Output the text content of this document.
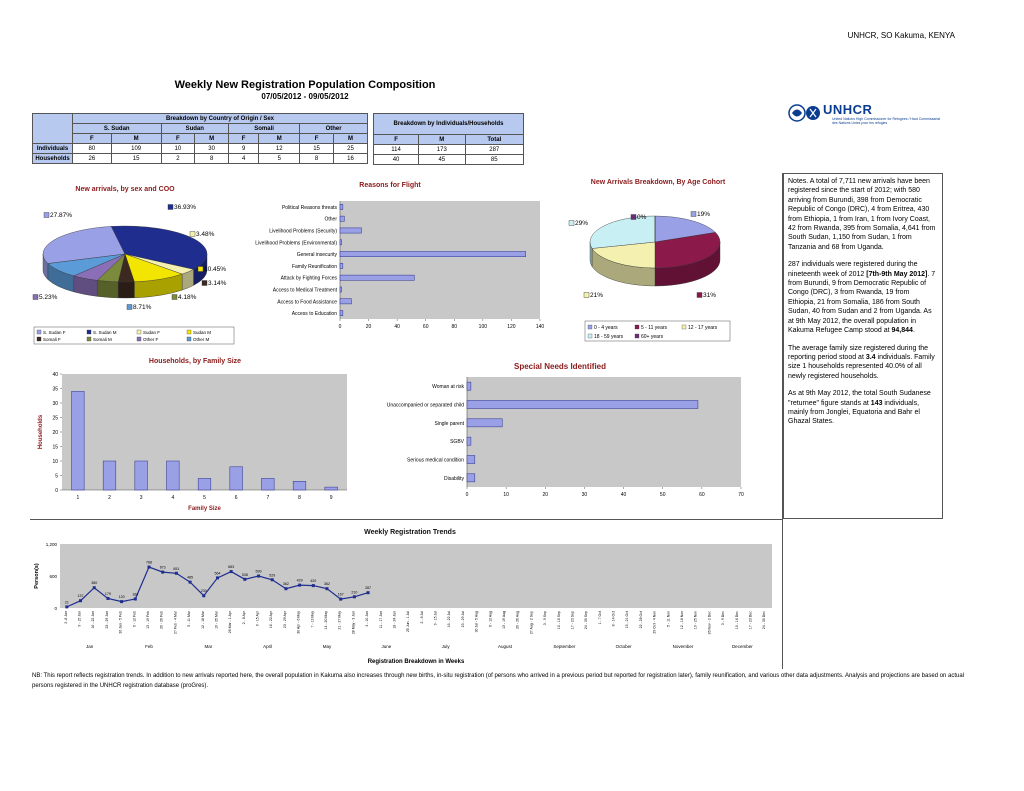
UNHCR, SO Kakuma, KENYA
Weekly New Registration Population Composition
07/05/2012 - 09/05/2012
	Breakdown by Country of Origin / Sex							
	S. Sudan		Sudan		Somali		Other	
	F	M	F	M	F	M	F	M
Individuals	80	109	10	30	9	12	15	25
Households	26	15	2	8	4	5	8	16
Breakdown by Individuals/Households		
F	M	Total
114	173	287
40	45	85
UNHCR
United Nations High Commissioner for Refugees / Haut Commissariat des Nations Unies pour les refugies

Notes. A total of 7,711 new arrivals have been registered since the start of 2012; with 580 arriving from Burundi, 398 from Democratic Republic of Congo (DRC), 4 from Eritrea, 430 from Ethiopia, 1 from Iran, 1 from Ivory Coast, 42 from Rwanda, 395 from Somalia, 4,641 from South Sudan, 1,150 from Sudan, 1 from Tanzania and 68 from Uganda.

287 individuals were registered during the nineteenth week of 2012 [7th-9th May 2012]. 7 from Burundi, 9 from Democratic Republic of Congo (DRC), 3 from Rwanda, 19 from Ethiopia, 21 from Somalia, 186 from South Sudan, 40 from Sudan and 2 from Uganda. As at 9th May 2012, the overall population in Kakuma Refugee Camp stood at 94,844.

The average family size registered during the reporting period stood at 3.4 individuals. Family size 1 households represented 40.0% of all newly registered households.

As at 9th May 2012, the total South Sudanese "returnee" figure stands at 143 individuals, mainly from Jonglei, Equatoria and Bahr el Ghazal States.

New arrivals, by sex and COO
27.87%
36.93%
3.48%
10.45%
3.14%
4.18%
5.23%
8.71%
S. Sudan F	S. Sudan M	Sudan F	Sudan M
Somali F	Somali M	Other F	Other M
Reasons for Flight
0	20	40	60	80	100	120	140
Political Reasons threats
Other
Livelihood Problems (Security)
Livelihood Problems (Environmental)
General insecurity
Family Reunification
Attack by Fighting Forces
Access to Medical Treatment
Access to Food Assistance
Access to Education
New Arrivals Breakdown, By Age Cohort
19%
31%
21%
29%
0%
0 - 4 years	5 - 11 years	12 - 17 years
18 - 59 years	60+ years
Households, by Family Size
0
5
10
15
20
25
30
35
40
1	2	3	4	5	6	7	8	9
Family Size
Households
Special Needs Identified
0	10	20	30	40	50	60	70
Woman at risk
Unaccompanied or separated child
Single parent
SGBV
Serious medical condition
Disability
Weekly Registration Trends
0
600
1,200
2 -8 Jan	9 - 15 Jan	16 - 22 Jan	23 - 29 Jan	30 Jan - 5 Feb	6 - 12 Feb	13 - 19 Feb	20 - 26 Feb	27 Feb - 4 Mar	5 - 11 Mar	12 - 18 Mar	19 - 25 Mar	26 Mar - 1 Apr	2 - 8 Apr	9 - 15 Apr	16 - 22 Apr	23 - 29 Apr	30 Apr - 6 May	7 - 13 May	14 - 20 May	21 - 27 May	28 May - 3 Jun	4 - 10 Jun	11 - 17 Jun	18 - 24 Jun	25 Jun - 1 Jul	2 - 8 Jul	9 - 15 Jul	16 - 22 Jul	23 - 29 Jul	30 Jul - 5 Aug	6 - 12 Aug	13 - 19 Aug	20 - 26 Aug	27 Aug - 2 Sep	3 - 9 Sep	10 - 16 Sep	17 - 23 Sep	24 - 30 Sep	1 - 7 Oct	8 - 14 Oct	15 - 21 Oct	22 - 28 Oct	29 Oct - 4 Nov	5 - 11 Nov	12 - 18 Nov	19 - 25 Nov	26 Nov - 2 Dec	3 - 9 Dec	10 - 16 Dec	17 - 23 Dec	24 - 30 Dec
Jan	Feb	Mar	April	May	June	July	August	September	October	November	December
21
137
380
179
120
169
768
673 651
485
230
564
683
538
599
529
362
429 420
362
167
210
287
Registration Breakdown in Weeks
Person(s)
NB: This report reflects registration trends. In addition to new arrivals reported here, the overall population in Kakuma also increases through new births, in-situ registration (of persons who arrived in a previous period but reported for registration later), family reunification, and various other data adjustments. Analysis and projections are based on actual persons registered in the UNHCR registration database (proGres).
